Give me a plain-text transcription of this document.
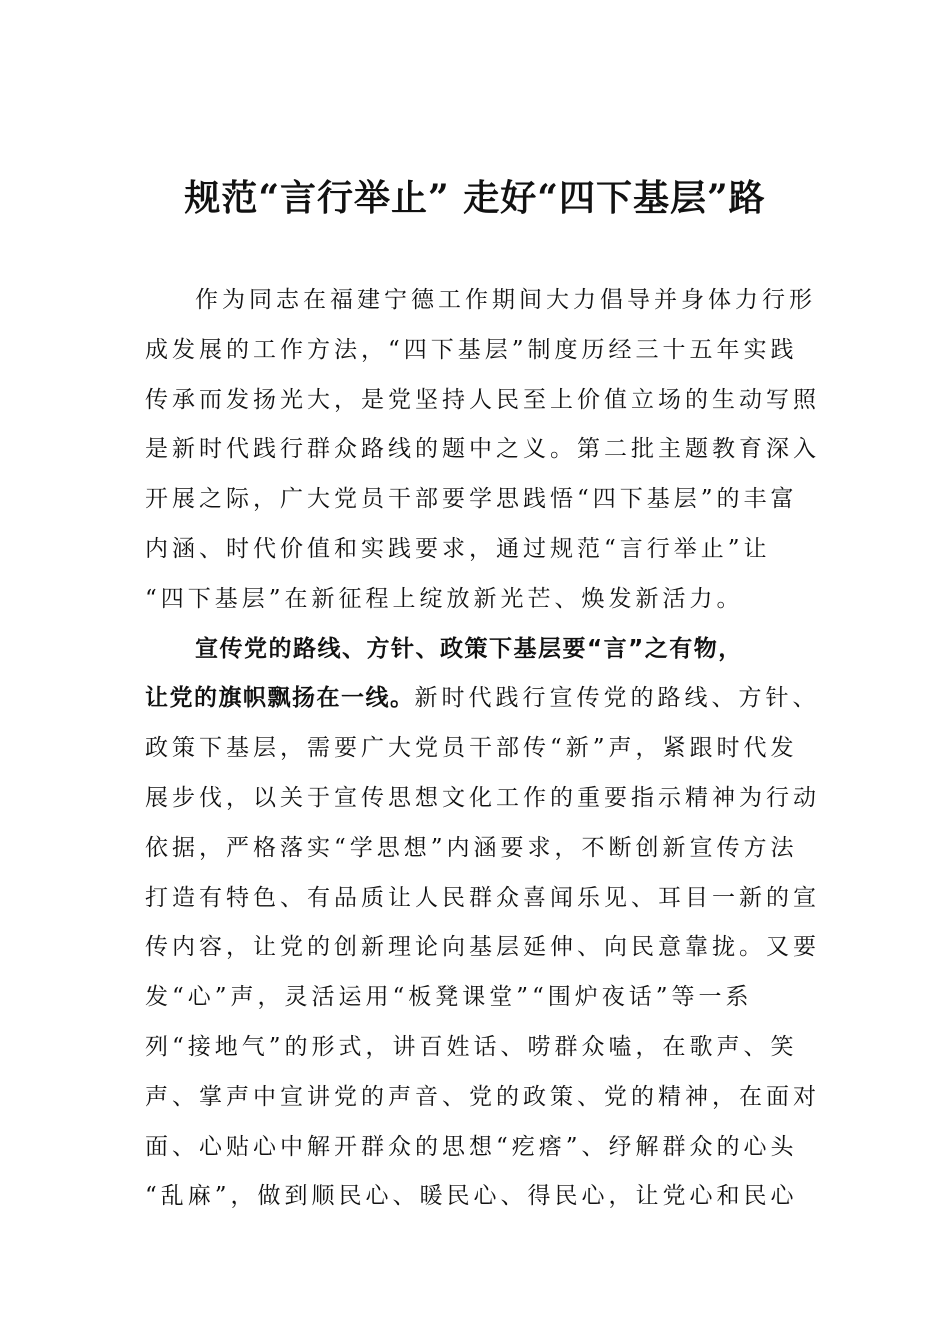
规范“言行举止” 走好“四下基层”路
作为同志在福建宁德工作期间大力倡导并身体力行形
成发展的工作方法，“四下基层”制度历经三十五年实践
传承而发扬光大，是党坚持人民至上价值立场的生动写照
是新时代践行群众路线的题中之义。第二批主题教育深入
开展之际，广大党员干部要学思践悟“四下基层”的丰富
内涵、时代价值和实践要求，通过规范“言行举止”让
“四下基层”在新征程上绽放新光芒、焕发新活力。
宣传党的路线、方针、政策下基层要“言”之有物，
让党的旗帜飘扬在一线。新时代践行宣传党的路线、方针、
政策下基层，需要广大党员干部传“新”声，紧跟时代发
展步伐，以关于宣传思想文化工作的重要指示精神为行动
依据，严格落实“学思想”内涵要求，不断创新宣传方法
打造有特色、有品质让人民群众喜闻乐见、耳目一新的宣
传内容，让党的创新理论向基层延伸、向民意靠拢。又要
发“心”声，灵活运用“板凳课堂”“围炉夜话”等一系
列“接地气”的形式，讲百姓话、唠群众嗑，在歌声、笑
声、掌声中宣讲党的声音、党的政策、党的精神，在面对
面、心贴心中解开群众的思想“疙瘩”、纾解群众的心头
“乱麻”，做到顺民心、暖民心、得民心，让党心和民心
